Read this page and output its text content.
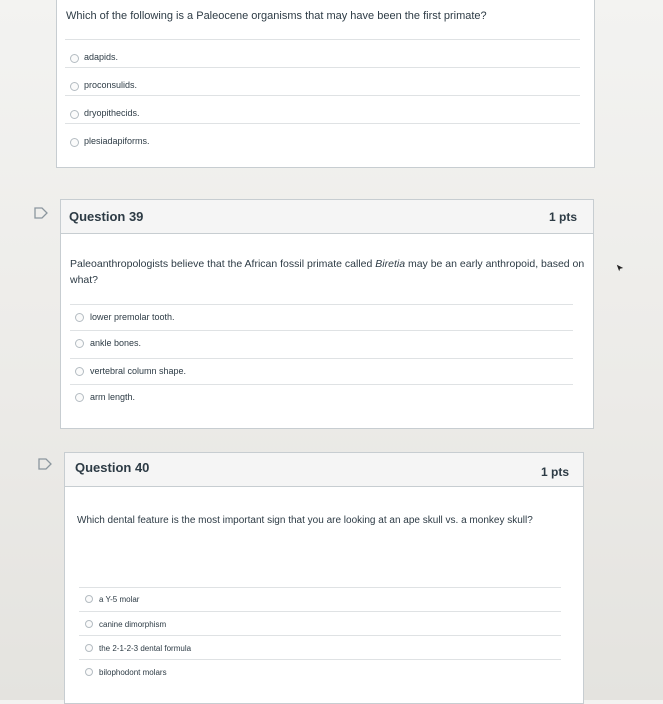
Which of the following is a Paleocene organisms that may have been the first primate?
adapids.
proconsulids.
dryopithecids.
plesiadapiforms.
Question 39	1 pts
Paleoanthropologists believe that the African fossil primate called Biretia may be an early anthropoid, based on what?
lower premolar tooth.
ankle bones.
vertebral column shape.
arm length.
Question 40	1 pts
Which dental feature is the most important sign that you are looking at an ape skull vs. a monkey skull?
a Y-5 molar
canine dimorphism
the 2-1-2-3 dental formula
bilophodont molars
